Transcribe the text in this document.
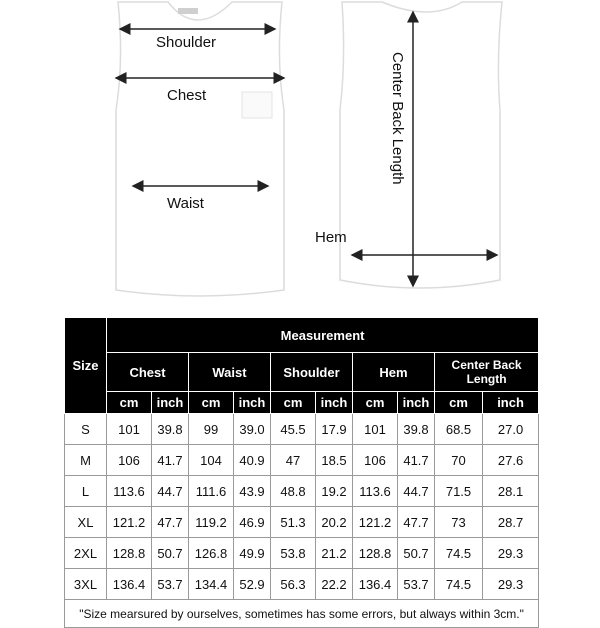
Shoulder
Chest
Waist
Hem
Center Back Length
Size	Measurement									
	Chest		Waist		Shoulder		Hem		Center Back Length	
	cm	inch	cm	inch	cm	inch	cm	inch	cm	inch
S	101	39.8	99	39.0	45.5	17.9	101	39.8	68.5	27.0
M	106	41.7	104	40.9	47	18.5	106	41.7	70	27.6
L	113.6	44.7	111.6	43.9	48.8	19.2	113.6	44.7	71.5	28.1
XL	121.2	47.7	119.2	46.9	51.3	20.2	121.2	47.7	73	28.7
2XL	128.8	50.7	126.8	49.9	53.8	21.2	128.8	50.7	74.5	29.3
3XL	136.4	53.7	134.4	52.9	56.3	22.2	136.4	53.7	74.5	29.3
"Size mearsured by ourselves, sometimes has some errors, but always within 3cm."										
